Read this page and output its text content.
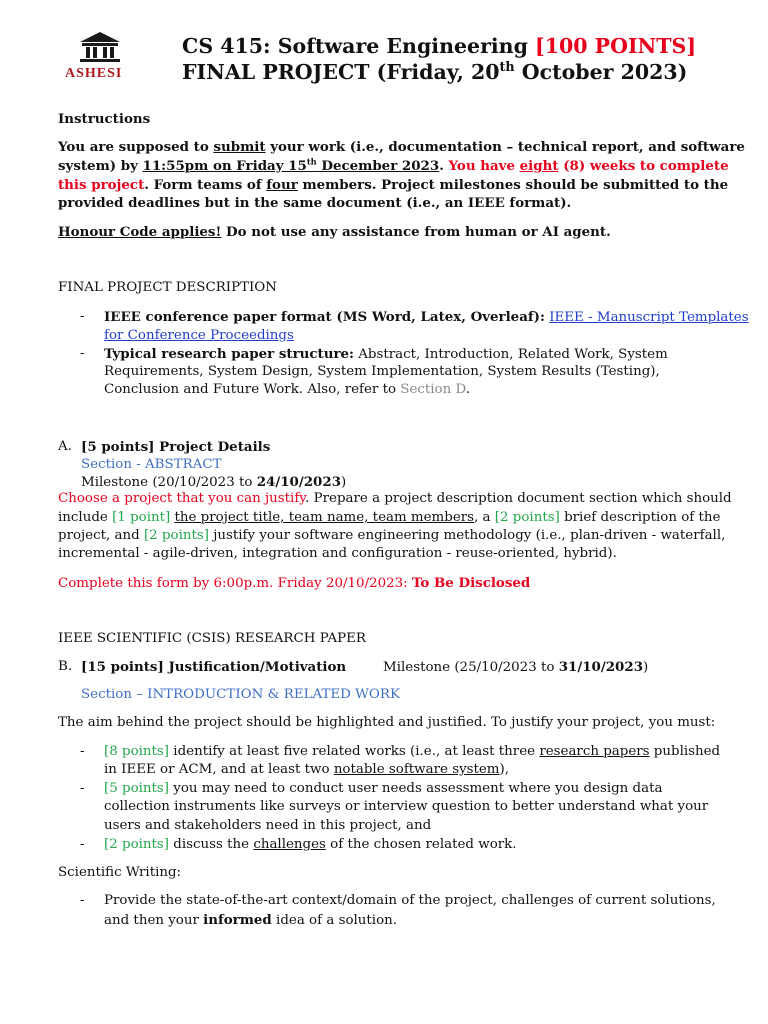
ASHESI
CS 415: Software Engineering [100 POINTS]
FINAL PROJECT (Friday, 20th October 2023)
Instructions
You are supposed to submit your work (i.e., documentation – technical report, and software
system) by 11:55pm on Friday 15th December 2023. You have eight (8) weeks to complete
this project. Form teams of four members. Project milestones should be submitted to the
provided deadlines but in the same document (i.e., an IEEE format).
Honour Code applies! Do not use any assistance from human or AI agent.
FINAL PROJECT DESCRIPTION
- IEEE conference paper format (MS Word, Latex, Overleaf): IEEE - Manuscript Templates
for Conference Proceedings
- Typical research paper structure: Abstract, Introduction, Related Work, System
Requirements, System Design, System Implementation, System Results (Testing),
Conclusion and Future Work. Also, refer to Section D.
A. [5 points] Project Details
Section - ABSTRACT
Milestone (20/10/2023 to 24/10/2023)
Choose a project that you can justify. Prepare a project description document section which should
include [1 point] the project title, team name, team members, a [2 points] brief description of the
project, and [2 points] justify your software engineering methodology (i.e., plan-driven - waterfall,
incremental - agile-driven, integration and configuration - reuse-oriented, hybrid).
Complete this form by 6:00p.m. Friday 20/10/2023: To Be Disclosed
IEEE SCIENTIFIC (CSIS) RESEARCH PAPER
B. [15 points] Justification/Motivation	Milestone (25/10/2023 to 31/10/2023)
Section – INTRODUCTION & RELATED WORK
The aim behind the project should be highlighted and justified. To justify your project, you must:
- [8 points] identify at least five related works (i.e., at least three research papers published
in IEEE or ACM, and at least two notable software system),
- [5 points] you may need to conduct user needs assessment where you design data
collection instruments like surveys or interview question to better understand what your
users and stakeholders need in this project, and
- [2 points] discuss the challenges of the chosen related work.
Scientific Writing:
- Provide the state-of-the-art context/domain of the project, challenges of current solutions,
and then your informed idea of a solution.
